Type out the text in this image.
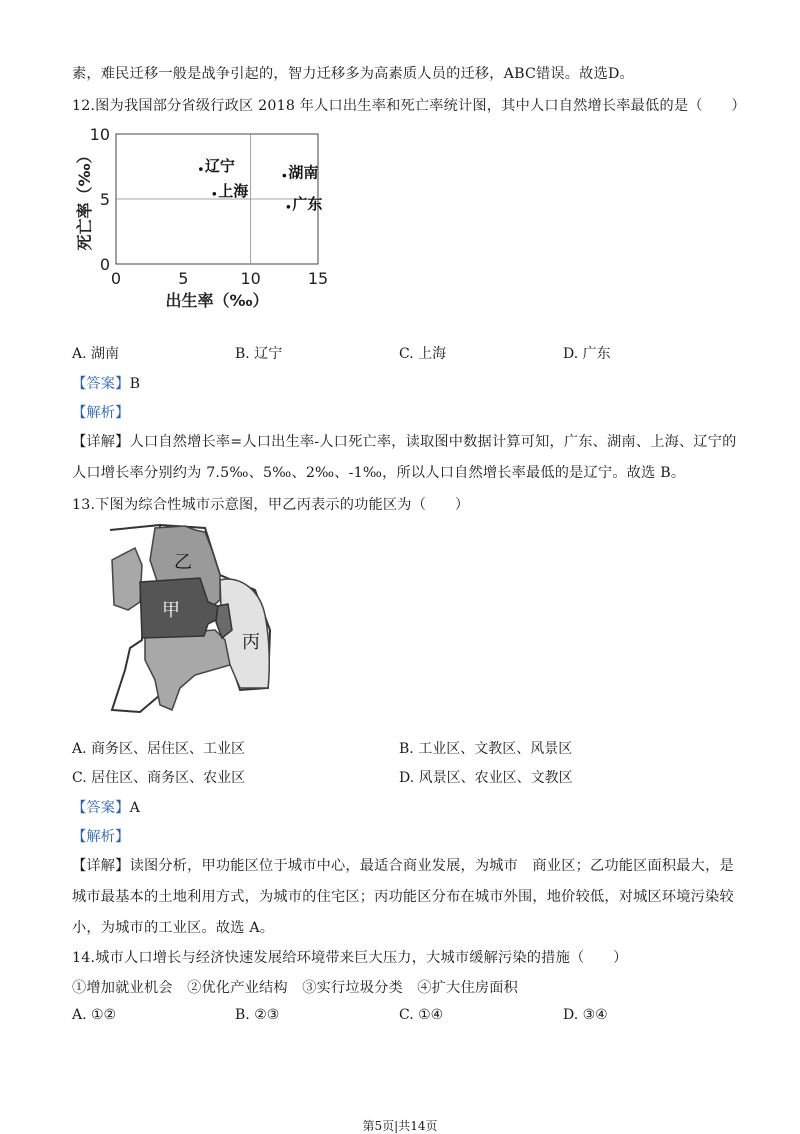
素，难民迁移一般是战争引起的，智力迁移多为高素质人员的迁移，ABC错误。故选D。
12.图为我国部分省级行政区 2018 年人口出生率和死亡率统计图，其中人口自然增长率最低的是（　　）
0	5	10	15
0
5
10
出生率（‰）
死亡率（‰）	辽宁
上海
湖南
广东
A. 湖南	B. 辽宁	C. 上海	D. 广东
【答案】B
【解析】
【详解】人口自然增长率=人口出生率-人口死亡率，读取图中数据计算可知，广东、湖南、上海、辽宁的
人口增长率分别约为 7.5‰、5‰、2‰、-1‰，所以人口自然增长率最低的是辽宁。故选 B。
13.下图为综合性城市示意图，甲乙丙表示的功能区为（　　）
乙
甲
丙
A. 商务区、居住区、工业区	B. 工业区、文教区、风景区
C. 居住区、商务区、农业区	D. 风景区、农业区、文教区
【答案】A
【解析】
【详解】读图分析，甲功能区位于城市中心，最适合商业发展，为城市　商业区；乙功能区面积最大，是
城市最基本的土地利用方式，为城市的住宅区；丙功能区分布在城市外围，地价较低，对城区环境污染较
小，为城市的工业区。故选 A。
14.城市人口增长与经济快速发展给环境带来巨大压力，大城市缓解污染的措施（　　）
①增加就业机会　②优化产业结构　③实行垃圾分类　④扩大住房面积
A. ①②	B. ②③	C. ①④	D. ③④
第5页|共14页
